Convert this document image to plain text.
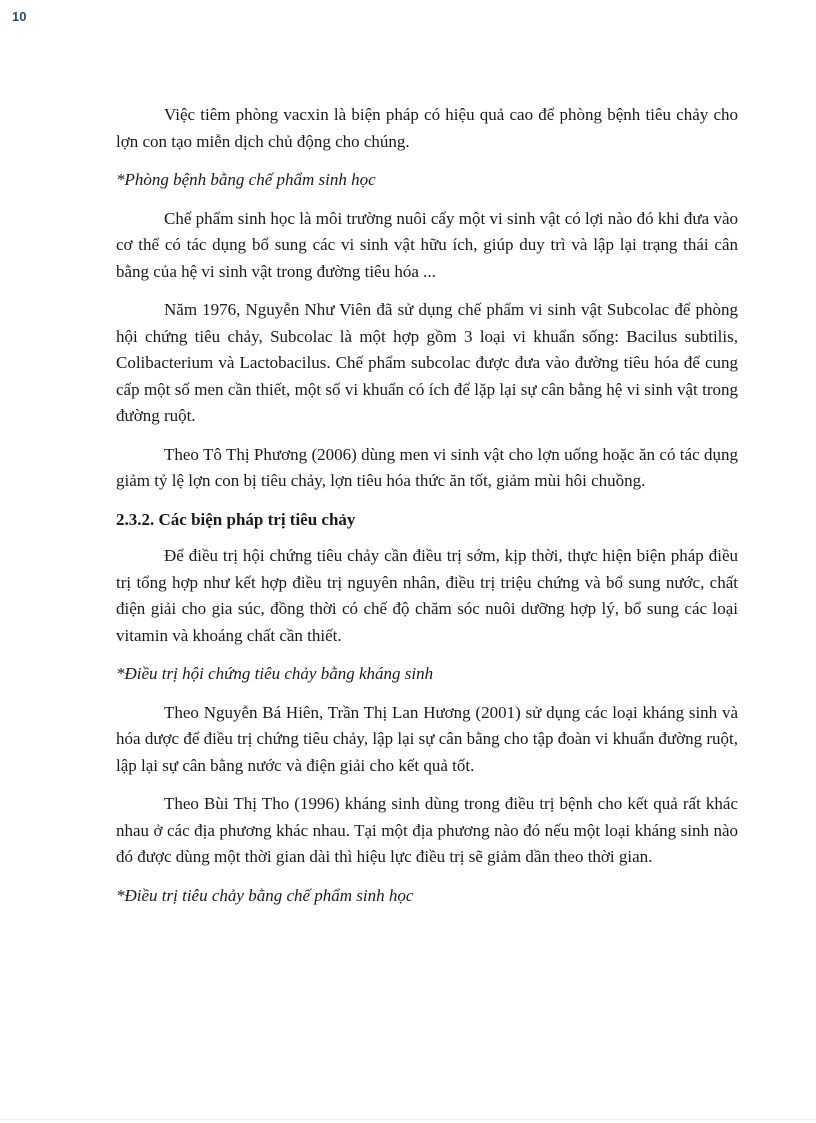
10

Việc tiêm phòng vacxin là biện pháp có hiệu quả cao để phòng bệnh tiêu chảy cho lợn con tạo miễn dịch chủ động cho chúng.

*Phòng bệnh bằng chế phẩm sinh học

Chế phẩm sinh học là môi trường nuôi cấy một vi sinh vật có lợi nào đó khi đưa vào cơ thể có tác dụng bổ sung các vi sinh vật hữu ích, giúp duy trì và lập lại trạng thái cân bằng của hệ vi sinh vật trong đường tiêu hóa ...

Năm 1976, Nguyễn Như Viên đã sử dụng chế phẩm vi sinh vật Subcolac để phòng hội chứng tiêu chảy, Subcolac là một hợp gồm 3 loại vi khuẩn sống: Bacilus subtilis, Colibacterium và Lactobacilus. Chế phẩm subcolac được đưa vào đường tiêu hóa để cung cấp một số men cần thiết, một số vi khuẩn có ích để lặp lại sự cân bằng hệ vi sinh vật trong đường ruột.

Theo Tô Thị Phương (2006) dùng men vi sinh vật cho lợn uống hoặc ăn có tác dụng giảm tỷ lệ lợn con bị tiêu chảy, lợn tiêu hóa thức ăn tốt, giảm mùi hôi chuồng.

2.3.2. Các biện pháp trị tiêu chảy

Để điều trị hội chứng tiêu chảy cần điều trị sớm, kịp thời, thực hiện biện pháp điều trị tổng hợp như kết hợp điều trị nguyên nhân, điều trị triệu chứng và bổ sung nước, chất điện giải cho gia súc, đồng thời có chế độ chăm sóc nuôi dưỡng hợp lý, bổ sung các loại vitamin và khoáng chất cần thiết.

*Điều trị hội chứng tiêu chảy bằng kháng sinh

Theo Nguyễn Bá Hiên, Trần Thị Lan Hương (2001) sử dụng các loại kháng sinh và hóa dược để điều trị chứng tiêu chảy, lập lại sự cân bằng cho tập đoàn vi khuẩn đường ruột, lập lại sự cân bằng nước và điện giải cho kết quả tốt.

Theo Bùi Thị Tho (1996) kháng sinh dùng trong điều trị bệnh cho kết quả rất khác nhau ở các địa phương khác nhau. Tại một địa phương nào đó nếu một loại kháng sinh nào đó được dùng một thời gian dài thì hiệu lực điều trị sẽ giảm dần theo thời gian.

*Điều trị tiêu chảy bằng chế phẩm sinh học
